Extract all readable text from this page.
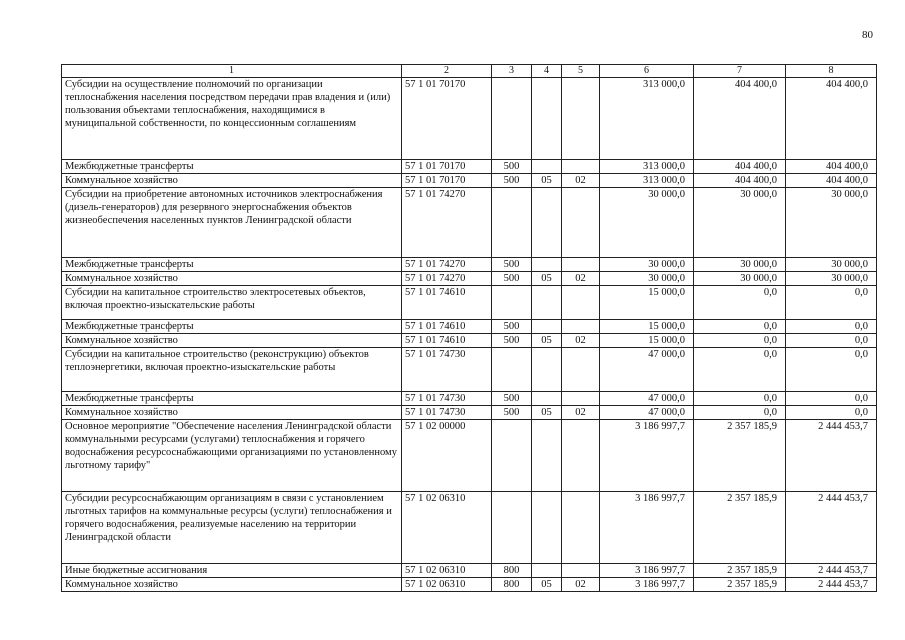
80
1	2	3	4	5	6	7	8
Субсидии на осуществление полномочий по организации теплоснабжения населения посредством передачи прав владения и (или) пользования объектами теплоснабжения, находящимися в муниципальной собственности, по концессионным соглашениям	57 1 01 70170				313 000,0	404 400,0	404 400,0
Межбюджетные трансферты	57 1 01 70170	500			313 000,0	404 400,0	404 400,0
Коммунальное хозяйство	57 1 01 70170	500	05	02	313 000,0	404 400,0	404 400,0
Субсидии на приобретение автономных источников электроснабжения (дизель-генераторов) для резервного энергоснабжения объектов жизнеобеспечения населенных пунктов Ленинградской области	57 1 01 74270				30 000,0	30 000,0	30 000,0
Межбюджетные трансферты	57 1 01 74270	500			30 000,0	30 000,0	30 000,0
Коммунальное хозяйство	57 1 01 74270	500	05	02	30 000,0	30 000,0	30 000,0
Субсидии на капитальное строительство электросетевых объектов, включая проектно-изыскательские работы	57 1 01 74610				15 000,0	0,0	0,0
Межбюджетные трансферты	57 1 01 74610	500			15 000,0	0,0	0,0
Коммунальное хозяйство	57 1 01 74610	500	05	02	15 000,0	0,0	0,0
Субсидии на капитальное строительство (реконструкцию) объектов теплоэнергетики, включая проектно-изыскательские работы	57 1 01 74730				47 000,0	0,0	0,0
Межбюджетные трансферты	57 1 01 74730	500			47 000,0	0,0	0,0
Коммунальное хозяйство	57 1 01 74730	500	05	02	47 000,0	0,0	0,0
Основное мероприятие "Обеспечение населения Ленинградской области коммунальными ресурсами (услугами) теплоснабжения и горячего водоснабжения ресурсоснабжающими организациями по установленному льготному тарифу"	57 1 02 00000				3 186 997,7	2 357 185,9	2 444 453,7
Субсидии ресурсоснабжающим организациям в связи с установлением льготных тарифов на коммунальные ресурсы (услуги) теплоснабжения и горячего водоснабжения, реализуемые населению на территории Ленинградской области	57 1 02 06310				3 186 997,7	2 357 185,9	2 444 453,7
Иные бюджетные ассигнования	57 1 02 06310	800			3 186 997,7	2 357 185,9	2 444 453,7
Коммунальное хозяйство	57 1 02 06310	800	05	02	3 186 997,7	2 357 185,9	2 444 453,7
